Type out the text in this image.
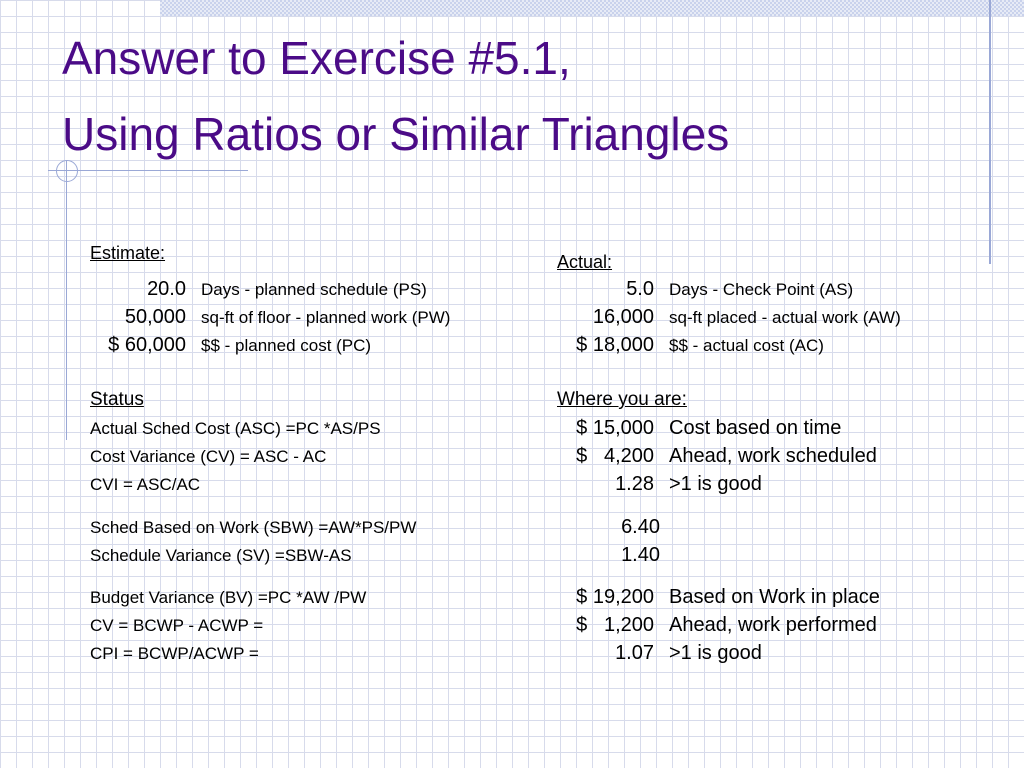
Answer to Exercise #5.1,
Using Ratios or Similar Triangles
Estimate:
20.0 Days - planned schedule (PS)
50,000 sq-ft of floor - planned work (PW)
$ 60,000 $$ - planned cost (PC)
Actual:
5.0 Days - Check Point (AS)
16,000 sq-ft placed - actual work (AW)
$ 18,000 $$ - actual cost (AC)
Status
Actual Sched Cost (ASC) =PC *AS/PS
Cost Variance (CV) = ASC - AC
CVI = ASC/AC
Sched Based on Work (SBW) =AW*PS/PW
Schedule Variance (SV) =SBW-AS
Budget Variance (BV) =PC *AW /PW
CV = BCWP - ACWP =
CPI = BCWP/ACWP =
Where you are:
$ 15,000 Cost based on time
$   4,200 Ahead, work scheduled
1.28 >1 is good
6.40
1.40
$ 19,200 Based on Work in place
$   1,200 Ahead, work performed
1.07 >1 is good
